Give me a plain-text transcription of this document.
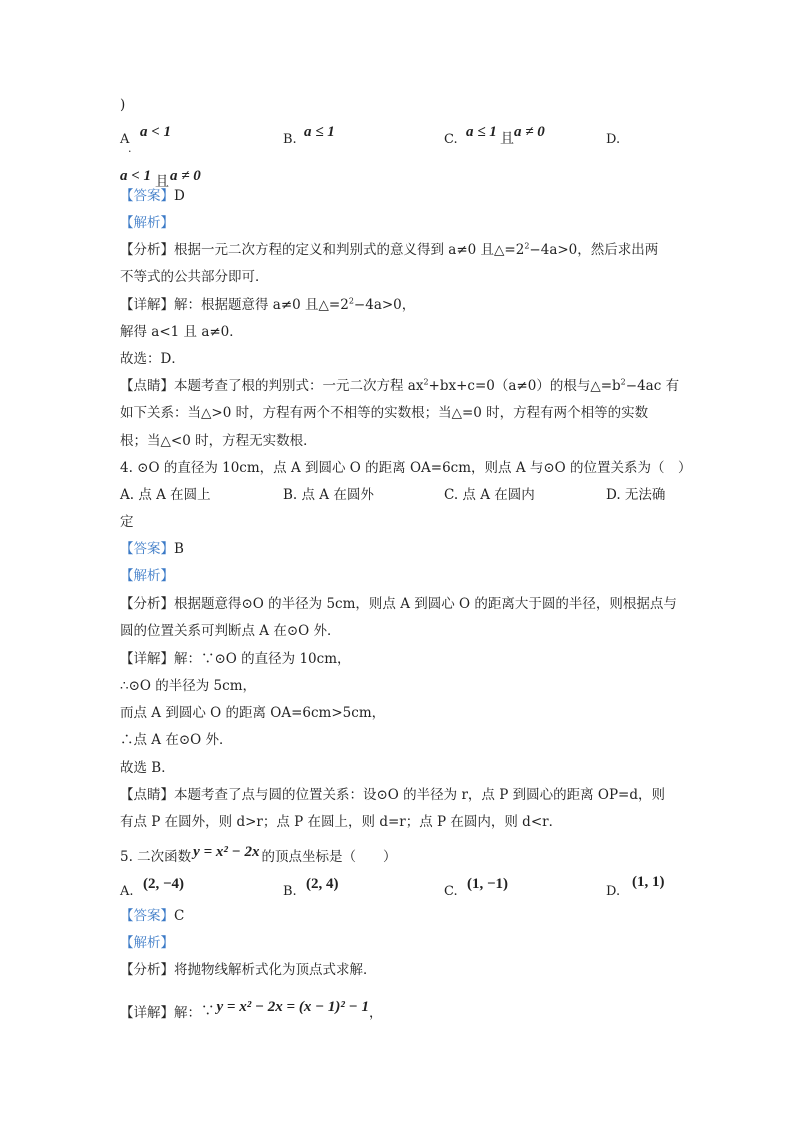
)
A
.
a < 1	B. a ≤ 1	C. a ≤ 1 且 a ≠ 0	D.
a < 1 且 a ≠ 0
【答案】D
【解析】
【分析】根据一元二次方程的定义和判别式的意义得到 a≠0 且$\triangle=2^2-4a>0$，然后求出两
不等式的公共部分即可．
【详解】解：根据题意得 a≠0 且$\triangle=2^2-4a>0$，
解得 a<1 且 a≠0．
故选：D．
【点睛】本题考查了根的判别式：一元二次方程 $ax^2+bx+c=0(a\ne 0)$的根与$\triangle=b^2-4ac$ 有
如下关系：当△>0 时，方程有两个不相等的实数根；当△=0 时，方程有两个相等的实数
根；当△<0 时，方程无实数根．
4. ⊙O 的直径为 10cm，点 A 到圆心 O 的距离 OA=6cm，则点 A 与⊙O 的位置关系为（　）
A. 点 A 在圆上	B. 点 A 在圆外	C. 点 A 在圆内	D. 无法确
定
【答案】B
【解析】
【分析】根据题意得⊙O 的半径为 5cm，则点 A 到圆心 O 的距离大于圆的半径，则根据点与
圆的位置关系可判断点 A 在⊙O 外．
【详解】解：∵⊙O 的直径为 10cm，
∴⊙O 的半径为 5cm，
而点 A 到圆心 O 的距离 OA=6cm>5cm，
∴点 A 在⊙O 外．
故选 B．
【点睛】本题考查了点与圆的位置关系：设⊙O 的半径为 r，点 P 到圆心的距离 OP=d，则
有点 P 在圆外，则 d>r；点 P 在圆上，则 d=r；点 P 在圆内，则 d<r．
5. 二次函数 y = x² − 2x 的顶点坐标是（　　）
A. (2, −4)	B. (2, 4)	C. (1, −1)	D.
(1, 1)
【答案】C
【解析】
【分析】将抛物线解析式化为顶点式求解．
【详解】解：∵ y = x² − 2x = (x − 1)² − 1，
